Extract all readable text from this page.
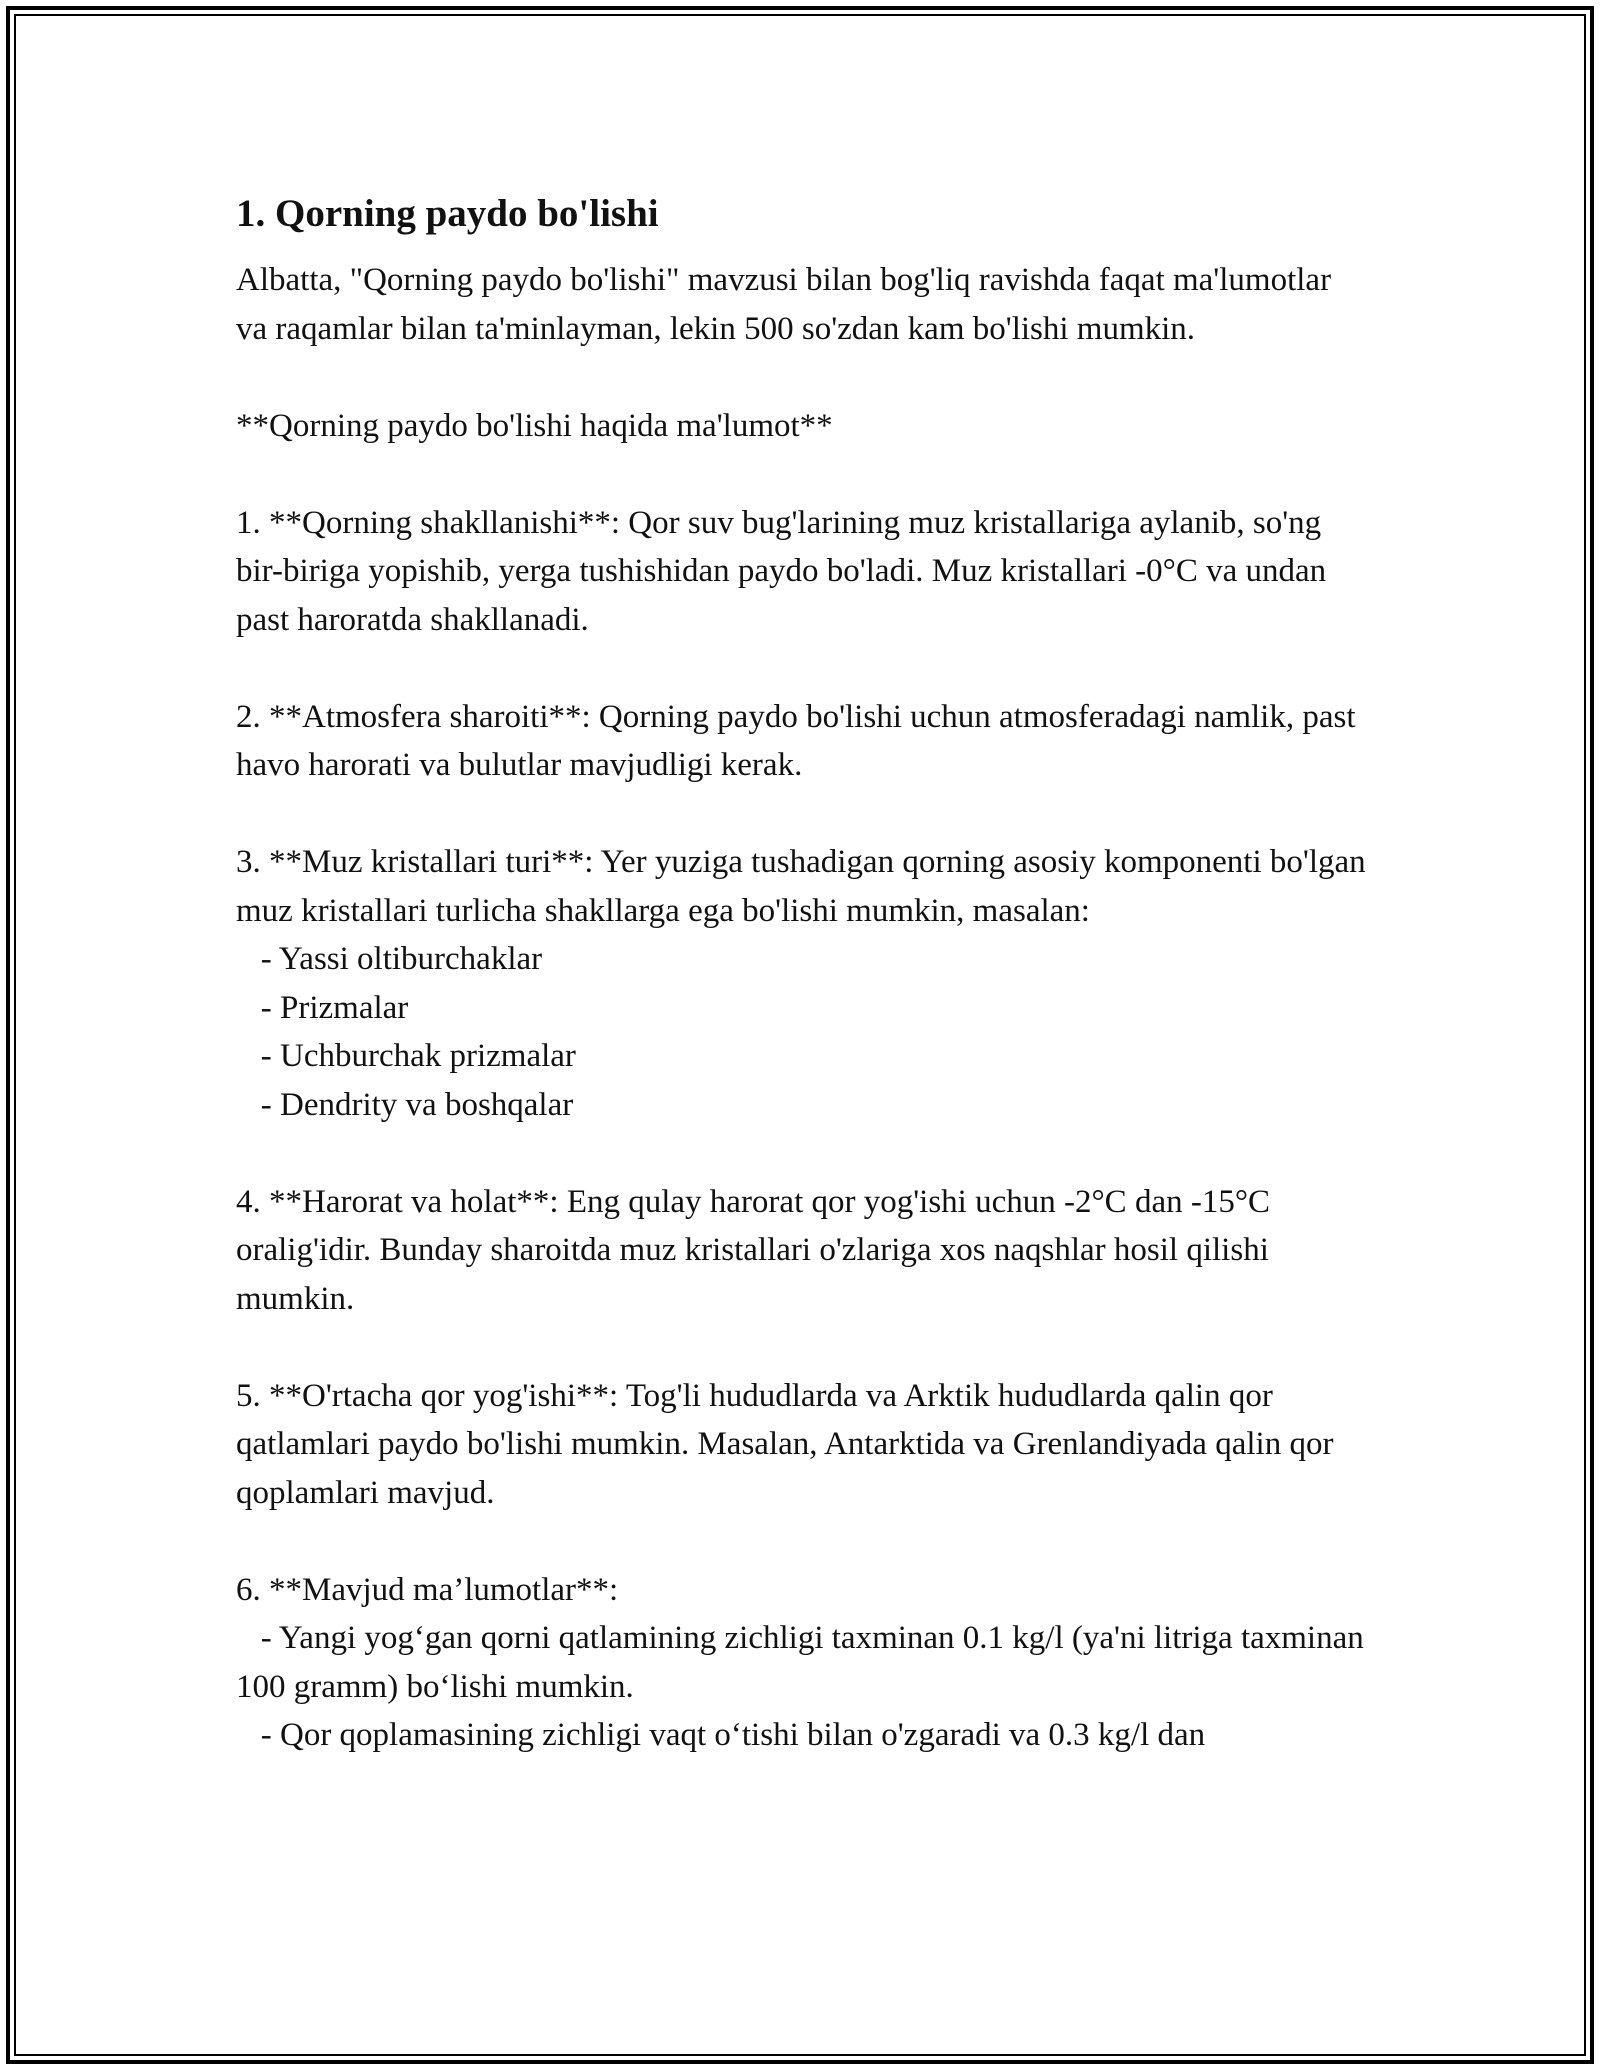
1. Qorning paydo bo'lishi

Albatta, "Qorning paydo bo'lishi" mavzusi bilan bog'liq ravishda faqat ma'lumotlar va raqamlar bilan ta'minlayman, lekin 500 so'zdan kam bo'lishi mumkin.

**Qorning paydo bo'lishi haqida ma'lumot**

1. **Qorning shakllanishi**: Qor suv bug'larining muz kristallariga aylanib, so'ng bir-biriga yopishib, yerga tushishidan paydo bo'ladi. Muz kristallari -0°C va undan past haroratda shakllanadi.

2. **Atmosfera sharoiti**: Qorning paydo bo'lishi uchun atmosferadagi namlik, past havo harorati va bulutlar mavjudligi kerak.

3. **Muz kristallari turi**: Yer yuziga tushadigan qorning asosiy komponenti bo'lgan muz kristallari turlicha shakllarga ega bo'lishi mumkin, masalan:
- Yassi oltiburchaklar
- Prizmalar
- Uchburchak prizmalar
- Dendrity va boshqalar

4. **Harorat va holat**: Eng qulay harorat qor yog'ishi uchun -2°C dan -15°C oralig'idir. Bunday sharoitda muz kristallari o'zlariga xos naqshlar hosil qilishi mumkin.

5. **O'rtacha qor yog'ishi**: Tog'li hududlarda va Arktik hududlarda qalin qor qatlamlari paydo bo'lishi mumkin. Masalan, Antarktida va Grenlandiyada qalin qor qoplamlari mavjud.

6. **Mavjud ma’lumotlar**:
- Yangi yog‘gan qorni qatlamining zichligi taxminan 0.1 kg/l (ya'ni litriga taxminan 100 gramm) bo‘lishi mumkin.
- Qor qoplamasining zichligi vaqt o‘tishi bilan o'zgaradi va 0.3 kg/l dan
